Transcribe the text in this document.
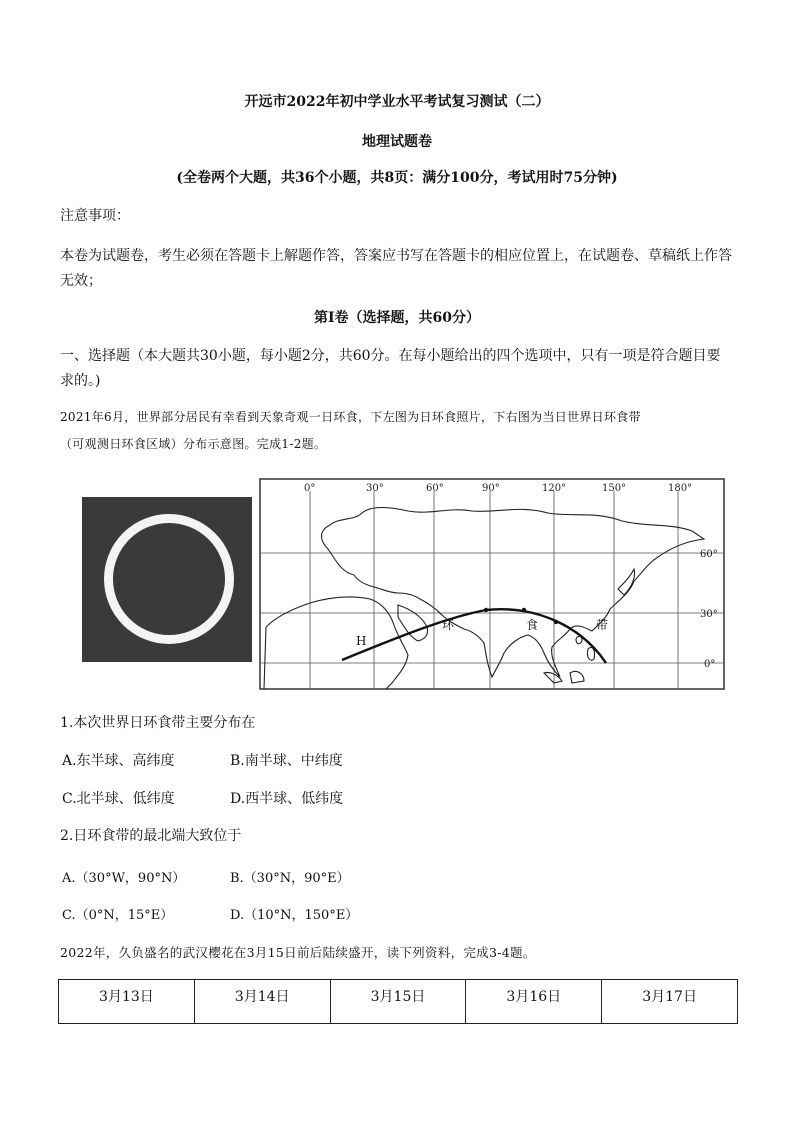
开远市2022年初中学业水平考试复习测试（二）
地理试题卷
(全卷两个大题，共36个小题，共8页：满分100分，考试用时75分钟)
注意事项：
本卷为试题卷，考生必须在答题卡上解题作答，答案应书写在答题卡的相应位置上，在试题卷、草稿纸上作答
无效；
第Ⅰ卷（选择题，共60分）
一、选择题（本大题共30小题，每小题2分，共60分。在每小题给出的四个选项中，只有一项是符合题目要
求的。)
2021年6月，世界部分居民有幸看到天象奇观一日环食，下左图为日环食照片，下右图为当日世界日环食带
（可观测日环食区域）分布示意图。完成1-2题。
0°	30°	60°	90°	120°	150°	180°
60°
30°
0°
环	食	带
H
1.本次世界日环食带主要分布在
A.东半球、高纬度	B.南半球、中纬度
C.北半球、低纬度	D.西半球、低纬度
2.日环食带的最北端大致位于
A.（30°W，90°N）	B.（30°N，90°E）
C.（0°N，15°E）	D.（10°N，150°E）
2022年，久负盛名的武汉樱花在3月15日前后陆续盛开，读下列资料，完成3-4题。
3月13日	3月14日	3月15日	3月16日	3月17日
